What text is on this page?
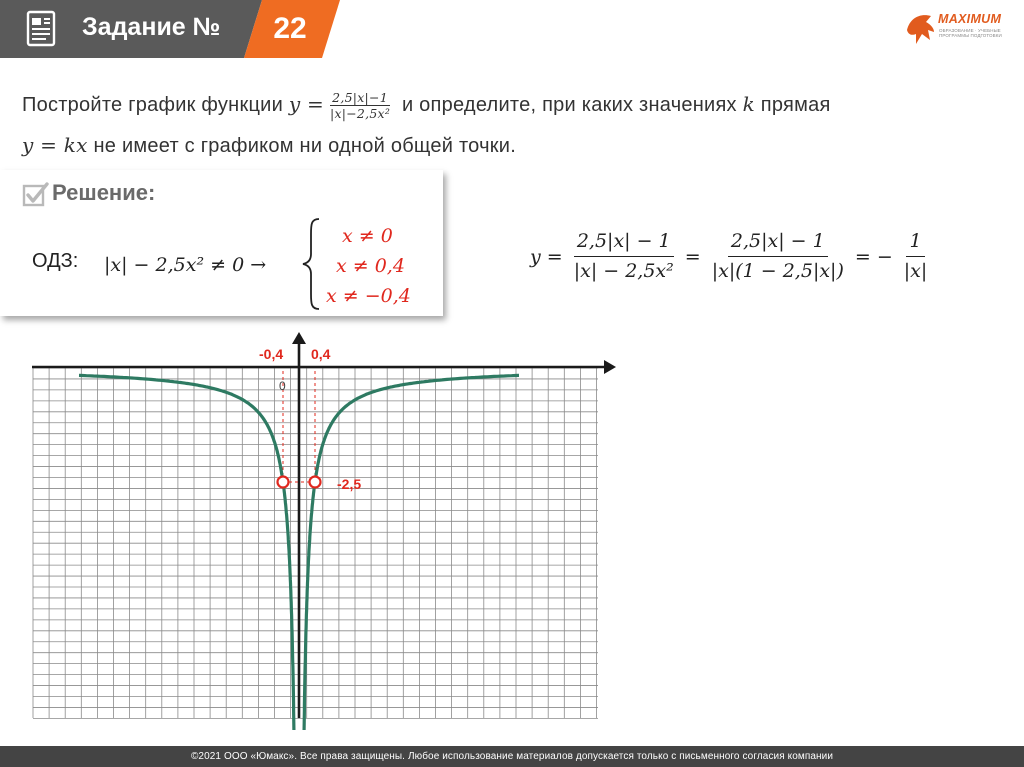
Задание №	22	MAXIMUM
ОБРАЗОВАНИЕ · УЧЕБНЫЕ ПРОГРАММЫ ПОДГОТОВКИ
Постройте график функции $y = \frac{2,5|x|-1}{\text{|x|−2,5x²}}$ и определите, при каких значениях k прямая
y = kx не имеет с графиком ни одной общей точки.
Решение:
ОДЗ: |x| − 2,5x² ≠ 0 →
x ≠ 0
x ≠ 0,4
x ≠ −0,4
$y = \frac{2,5|x| - 1}{\text{|x| − 2,5x²}} = \frac{2,5|x| - 1}{|x|(1 - 2,5|x|)}$ = − $\frac{1}{|x|}$
-0,4 0,4
0
-2,5
©2021 ООО «Юмакс». Все права защищены. Любое использование материалов допускается только с письменного согласия компании
